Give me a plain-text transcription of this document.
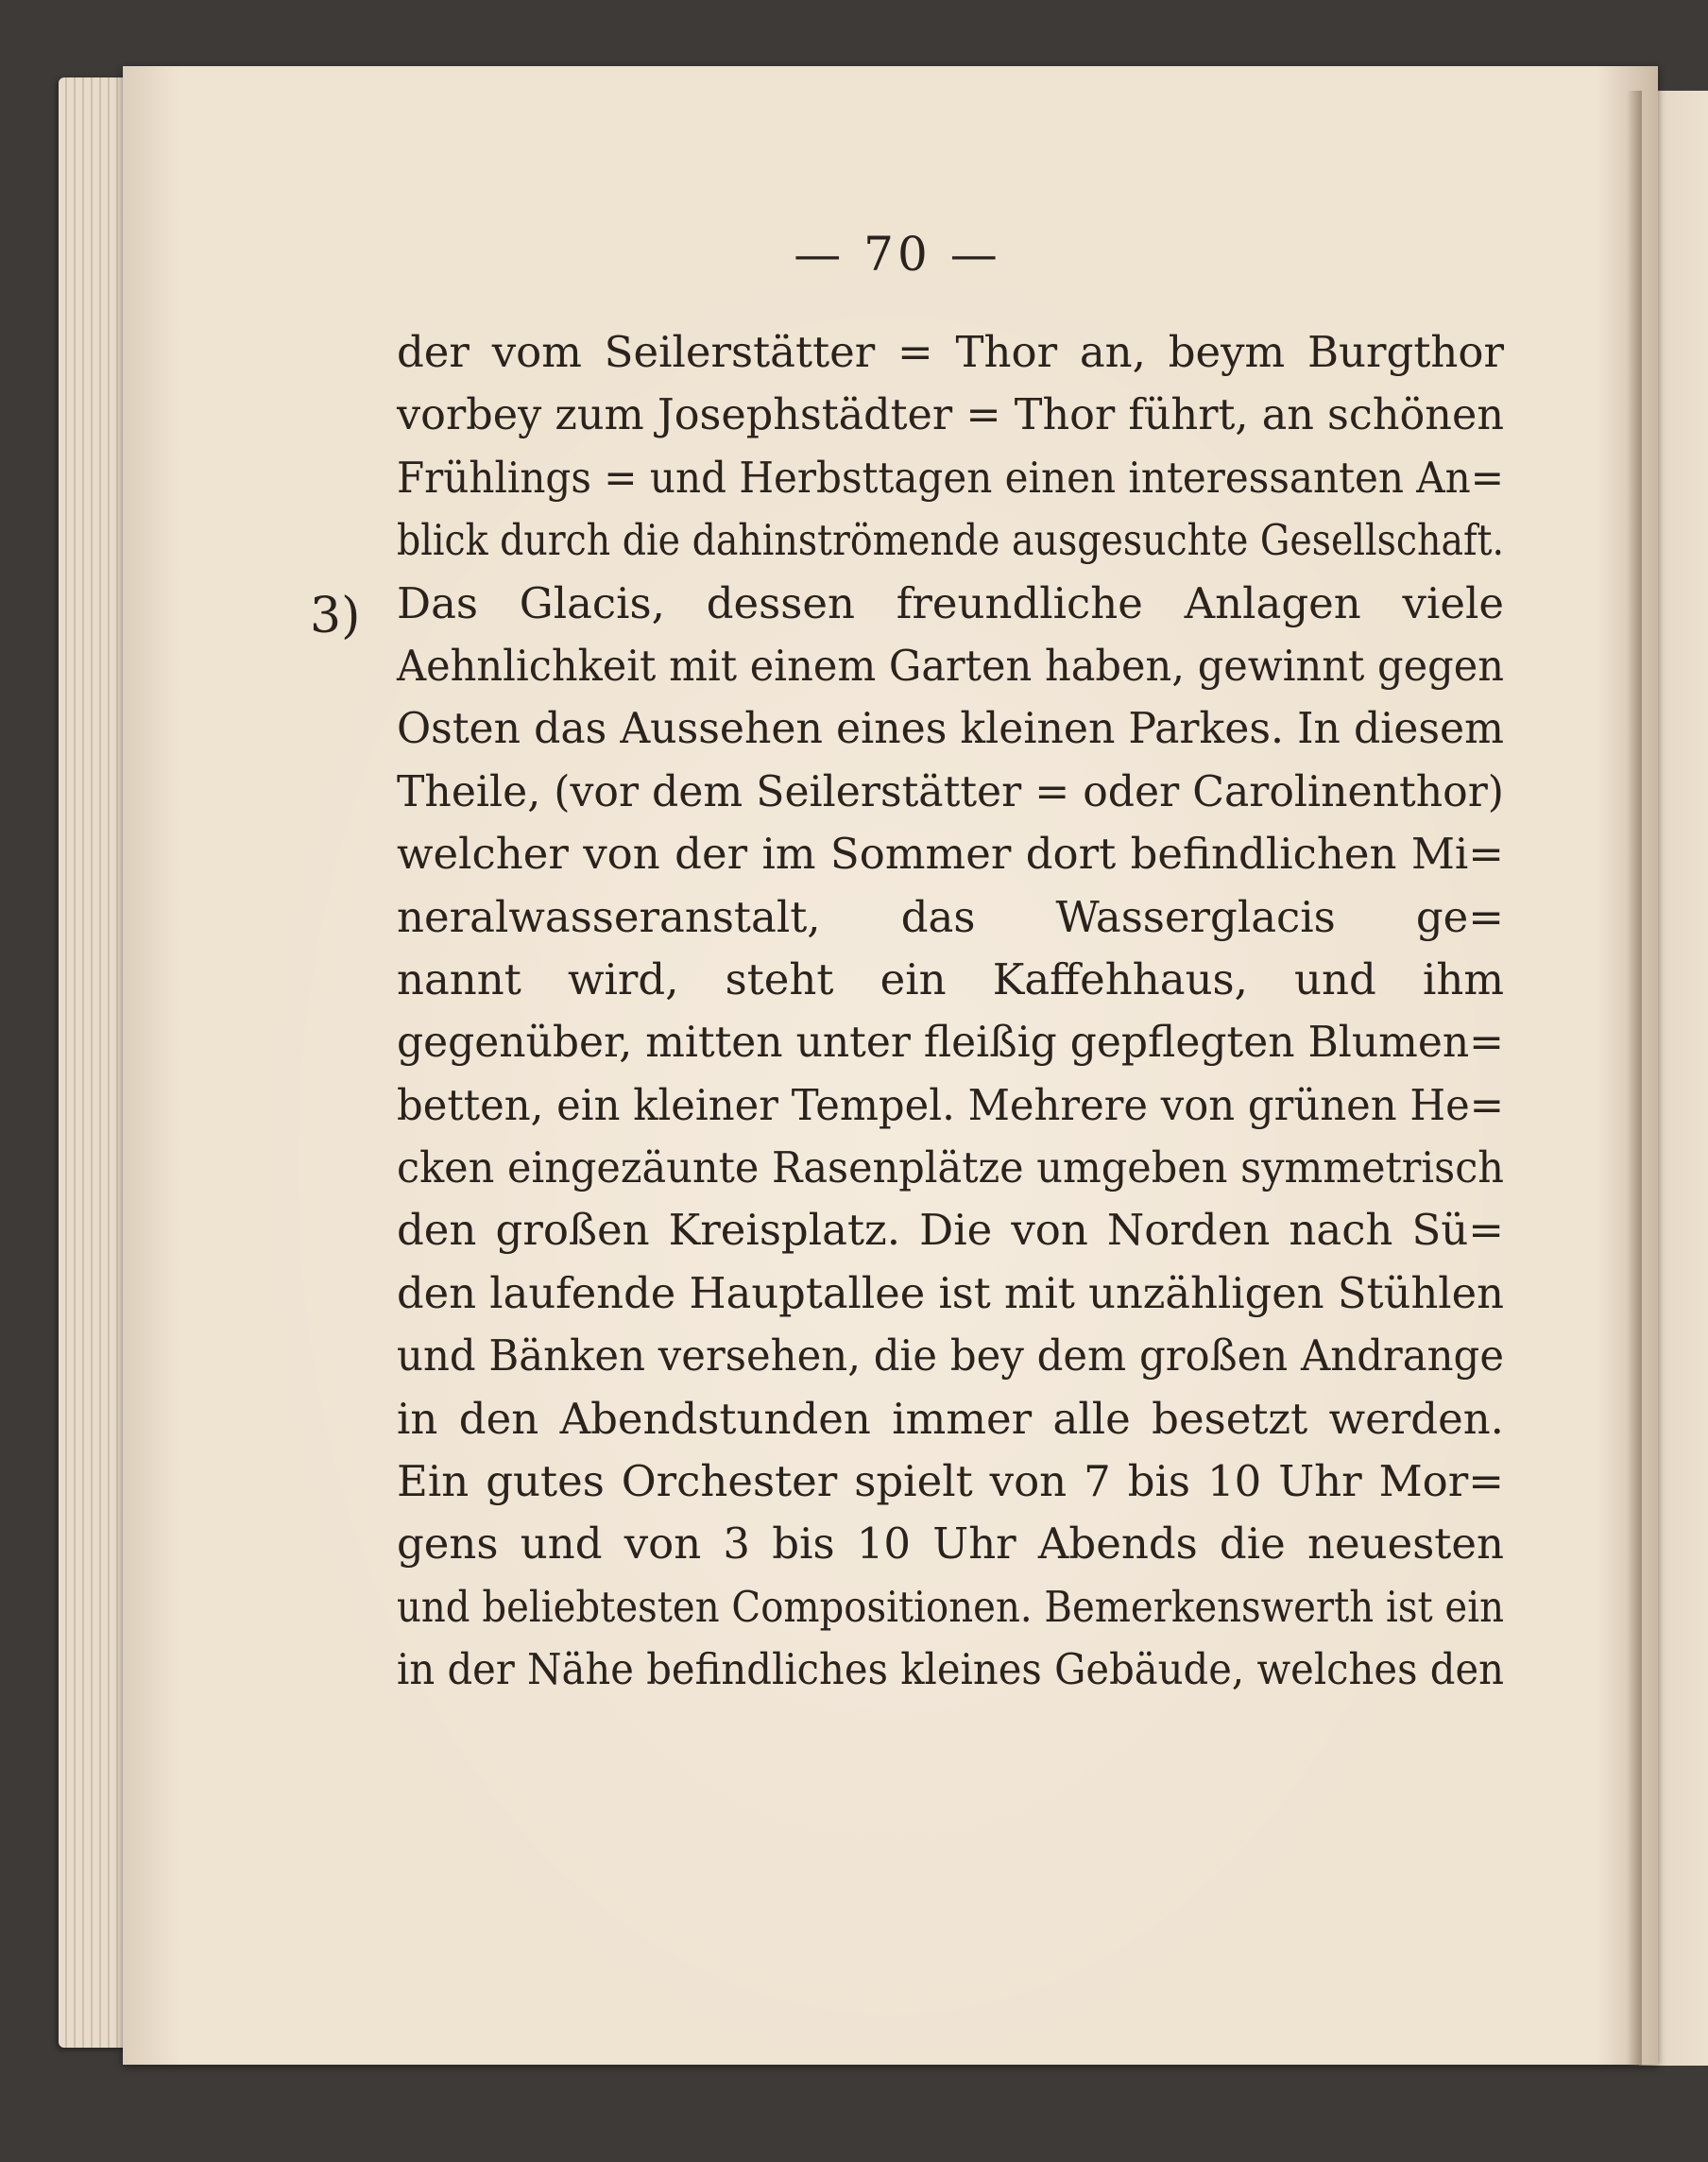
— 70 —
3)
der vom Seilerstätter = Thor an, beym Burgthor
vorbey zum Josephstädter = Thor führt, an schönen
Frühlings = und Herbsttagen einen interessanten An=
blick durch die dahinströmende ausgesuchte Gesellschaft.
Das Glacis, dessen freundliche Anlagen viele
Aehnlichkeit mit einem Garten haben, gewinnt gegen
Osten das Aussehen eines kleinen Parkes. In diesem
Theile, (vor dem Seilerstätter = oder Carolinenthor)
welcher von der im Sommer dort befindlichen Mi=
neralwasseranstalt, das Wasserglacis ge=
nannt wird, steht ein Kaffehhaus, und ihm
gegenüber, mitten unter fleißig gepflegten Blumen=
betten, ein kleiner Tempel. Mehrere von grünen He=
cken eingezäunte Rasenplätze umgeben symmetrisch
den großen Kreisplatz. Die von Norden nach Sü=
den laufende Hauptallee ist mit unzähligen Stühlen
und Bänken versehen, die bey dem großen Andrange
in den Abendstunden immer alle besetzt werden.
Ein gutes Orchester spielt von 7 bis 10 Uhr Mor=
gens und von 3 bis 10 Uhr Abends die neuesten
und beliebtesten Compositionen. Bemerkenswerth ist ein
in der Nähe befindliches kleines Gebäude, welches den
